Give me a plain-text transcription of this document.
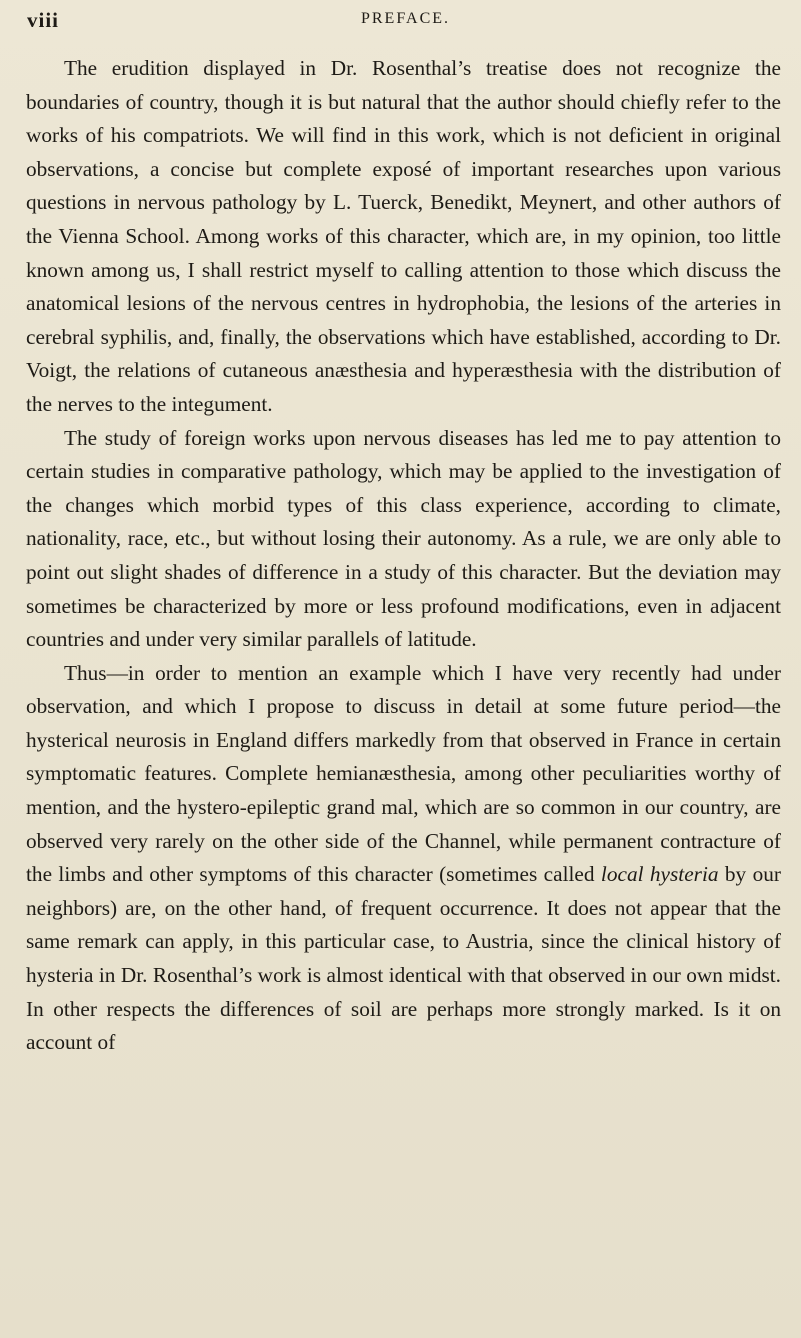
viii	PREFACE.

The erudition displayed in Dr. Rosenthal’s treatise does not recognize the boundaries of country, though it is but natural that the author should chiefly refer to the works of his compatriots. We will find in this work, which is not deficient in original observations, a concise but complete exposé of important researches upon various questions in nervous pathology by L. Tuerck, Benedikt, Meynert, and other authors of the Vienna School. Among works of this character, which are, in my opinion, too little known among us, I shall restrict myself to calling attention to those which discuss the anatomical lesions of the nervous centres in hydrophobia, the lesions of the arteries in cerebral syphilis, and, finally, the observations which have established, according to Dr. Voigt, the relations of cutaneous anæsthesia and hyperæsthesia with the distribution of the nerves to the integument.

The study of foreign works upon nervous diseases has led me to pay attention to certain studies in comparative pathology, which may be applied to the investigation of the changes which morbid types of this class experience, according to climate, nationality, race, etc., but without losing their autonomy. As a rule, we are only able to point out slight shades of difference in a study of this character. But the deviation may sometimes be characterized by more or less profound modifications, even in adjacent countries and under very similar parallels of latitude.

Thus—in order to mention an example which I have very recently had under observation, and which I propose to discuss in detail at some future period—the hysterical neurosis in England differs markedly from that observed in France in certain symptomatic features. Complete hemianæsthesia, among other peculiarities worthy of mention, and the hystero-epileptic grand mal, which are so common in our country, are observed very rarely on the other side of the Channel, while permanent contracture of the limbs and other symptoms of this character (sometimes called local hysteria by our neighbors) are, on the other hand, of frequent occurrence. It does not appear that the same remark can apply, in this particular case, to Austria, since the clinical history of hysteria in Dr. Rosenthal’s work is almost identical with that observed in our own midst. In other respects the differences of soil are perhaps more strongly marked. Is it on account of
